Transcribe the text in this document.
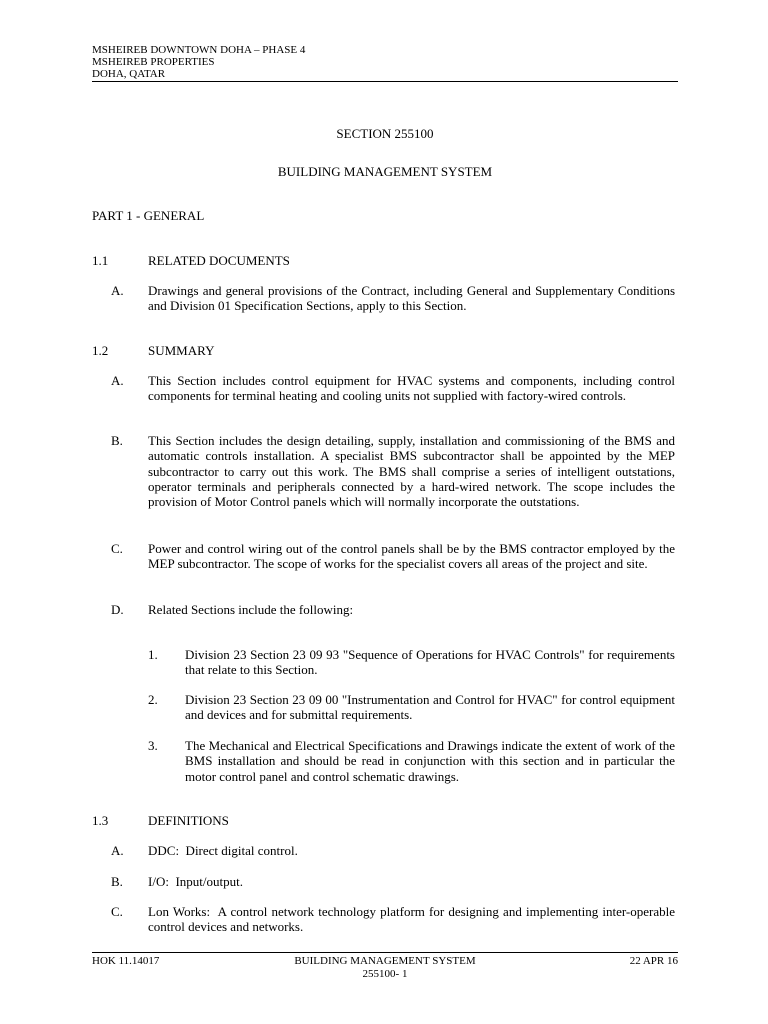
MSHEIREB DOWNTOWN DOHA – PHASE 4
MSHEIREB PROPERTIES
DOHA, QATAR
SECTION 255100
BUILDING MANAGEMENT SYSTEM
PART 1 - GENERAL
1.1	RELATED DOCUMENTS
A. Drawings and general provisions of the Contract, including General and Supplementary Conditions and Division 01 Specification Sections, apply to this Section.
1.2	SUMMARY
A. This Section includes control equipment for HVAC systems and components, including control components for terminal heating and cooling units not supplied with factory-wired controls.
B. This Section includes the design detailing, supply, installation and commissioning of the BMS and automatic controls installation. A specialist BMS subcontractor shall be appointed by the MEP subcontractor to carry out this work. The BMS shall comprise a series of intelligent outstations, operator terminals and peripherals connected by a hard-wired network. The scope includes the provision of Motor Control panels which will normally incorporate the outstations.
C. Power and control wiring out of the control panels shall be by the BMS contractor employed by the MEP subcontractor. The scope of works for the specialist covers all areas of the project and site.
D. Related Sections include the following:
1. Division 23 Section 23 09 93 "Sequence of Operations for HVAC Controls" for requirements that relate to this Section.
2. Division 23 Section 23 09 00 "Instrumentation and Control for HVAC" for control equipment and devices and for submittal requirements.
3. The Mechanical and Electrical Specifications and Drawings indicate the extent of work of the BMS installation and should be read in conjunction with this section and in particular the motor control panel and control schematic drawings.
1.3	DEFINITIONS
A. DDC:  Direct digital control.
B. I/O:  Input/output.
C. Lon Works:  A control network technology platform for designing and implementing inter-operable control devices and networks.
HOK 11.14017	BUILDING MANAGEMENT SYSTEM	22 APR 16
255100- 1
